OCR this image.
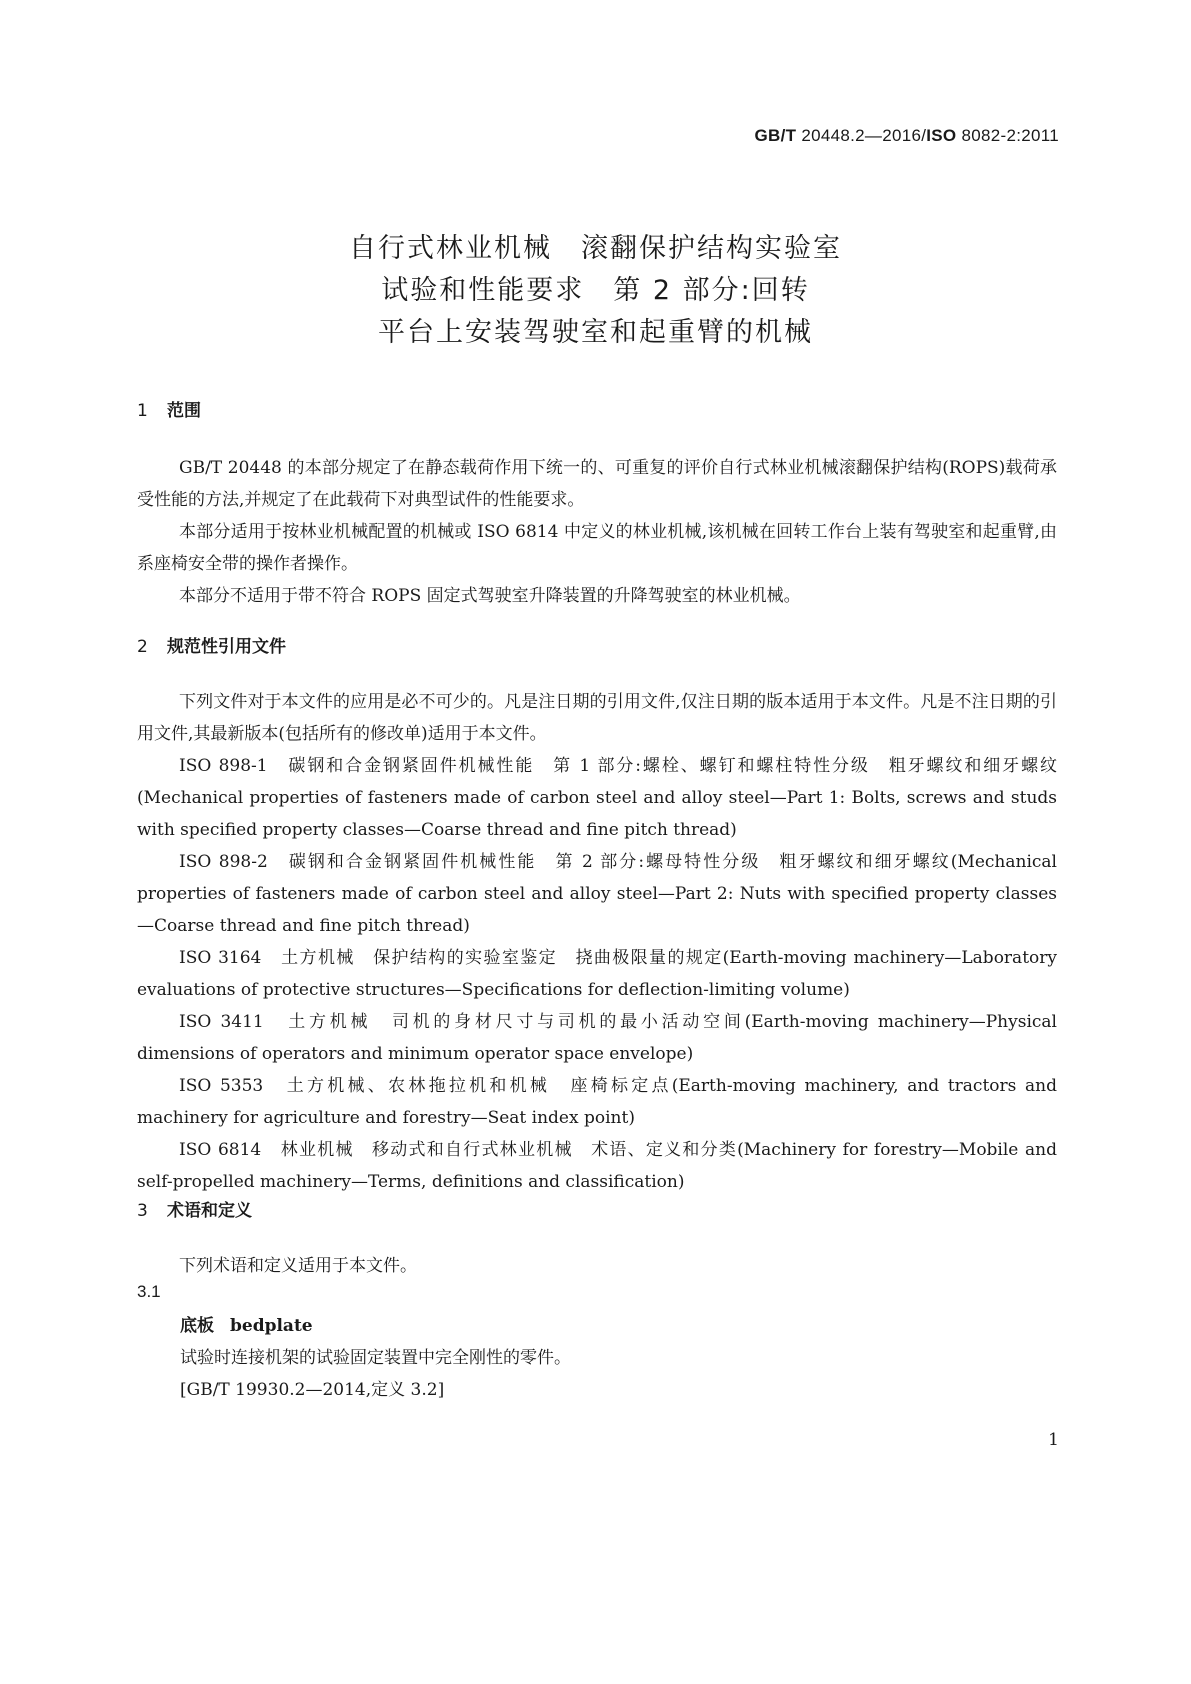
GB/T 20448.2—2016/ISO 8082-2:2011
自行式林业机械　滚翻保护结构实验室
试验和性能要求　第 2 部分:回转
平台上安装驾驶室和起重臂的机械
1 范围

GB/T 20448 的本部分规定了在静态载荷作用下统一的、可重复的评价自行式林业机械滚翻保护结构(ROPS)载荷承受性能的方法,并规定了在此载荷下对典型试件的性能要求。

本部分适用于按林业机械配置的机械或 ISO 6814 中定义的林业机械,该机械在回转工作台上装有驾驶室和起重臂,由系座椅安全带的操作者操作。

本部分不适用于带不符合 ROPS 固定式驾驶室升降装置的升降驾驶室的林业机械。

2 规范性引用文件

下列文件对于本文件的应用是必不可少的。凡是注日期的引用文件,仅注日期的版本适用于本文件。凡是不注日期的引用文件,其最新版本(包括所有的修改单)适用于本文件。

ISO 898-1　碳钢和合金钢紧固件机械性能　第 1 部分:螺栓、螺钉和螺柱特性分级　粗牙螺纹和细牙螺纹(Mechanical properties of fasteners made of carbon steel and alloy steel—Part 1: Bolts, screws and studs with specified property classes—Coarse thread and fine pitch thread)

ISO 898-2　碳钢和合金钢紧固件机械性能　第 2 部分:螺母特性分级　粗牙螺纹和细牙螺纹(Mechanical properties of fasteners made of carbon steel and alloy steel—Part 2: Nuts with specified property classes—Coarse thread and fine pitch thread)

ISO 3164　土方机械　保护结构的实验室鉴定　挠曲极限量的规定(Earth-moving machinery—Laboratory evaluations of protective structures—Specifications for deflection-limiting volume)

ISO 3411　土方机械　司机的身材尺寸与司机的最小活动空间(Earth-moving machinery—Physical dimensions of operators and minimum operator space envelope)

ISO 5353　土方机械、农林拖拉机和机械　座椅标定点(Earth-moving machinery, and tractors and machinery for agriculture and forestry—Seat index point)

ISO 6814　林业机械　移动式和自行式林业机械　术语、定义和分类(Machinery for forestry—Mobile and self-propelled machinery—Terms, definitions and classification)

3 术语和定义

下列术语和定义适用于本文件。

3.1
底板 bedplate
试验时连接机架的试验固定装置中完全刚性的零件。
[GB/T 19930.2—2014,定义 3.2]
1
